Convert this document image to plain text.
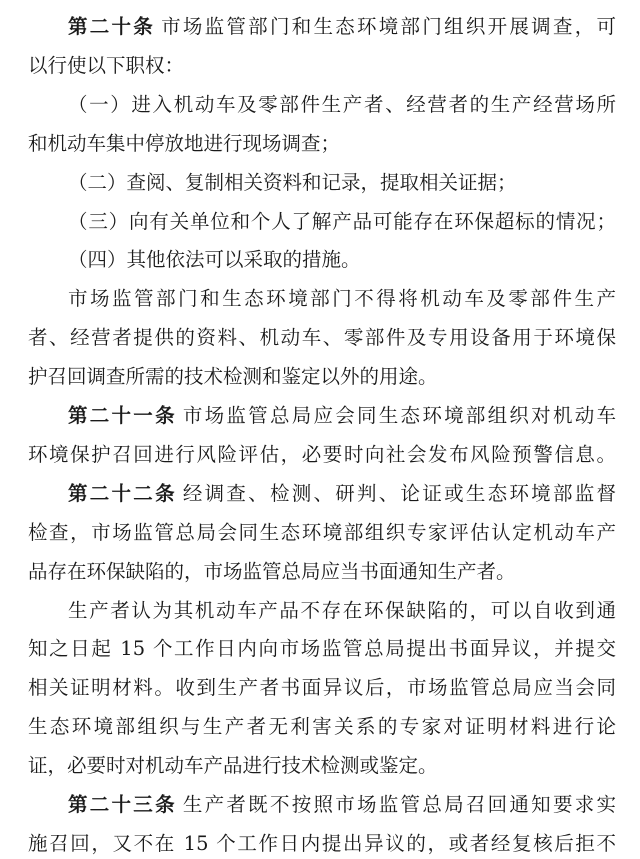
第二十条 市场监管部门和生态环境部门组织开展调查，可
以行使以下职权：
（一）进入机动车及零部件生产者、经营者的生产经营场所
和机动车集中停放地进行现场调查；
（二）查阅、复制相关资料和记录，提取相关证据；
（三）向有关单位和个人了解产品可能存在环保超标的情况；
（四）其他依法可以采取的措施。
市场监管部门和生态环境部门不得将机动车及零部件生产
者、经营者提供的资料、机动车、零部件及专用设备用于环境保
护召回调查所需的技术检测和鉴定以外的用途。
第二十一条 市场监管总局应会同生态环境部组织对机动车
环境保护召回进行风险评估，必要时向社会发布风险预警信息。
第二十二条 经调查、检测、研判、论证或生态环境部监督
检查，市场监管总局会同生态环境部组织专家评估认定机动车产
品存在环保缺陷的，市场监管总局应当书面通知生产者。
生产者认为其机动车产品不存在环保缺陷的，可以自收到通
知之日起 15 个工作日内向市场监管总局提出书面异议，并提交
相关证明材料。收到生产者书面异议后，市场监管总局应当会同
生态环境部组织与生产者无利害关系的专家对证明材料进行论
证，必要时对机动车产品进行技术检测或鉴定。
第二十三条 生产者既不按照市场监管总局召回通知要求实
施召回，又不在 15 个工作日内提出异议的，或者经复核后拒不
